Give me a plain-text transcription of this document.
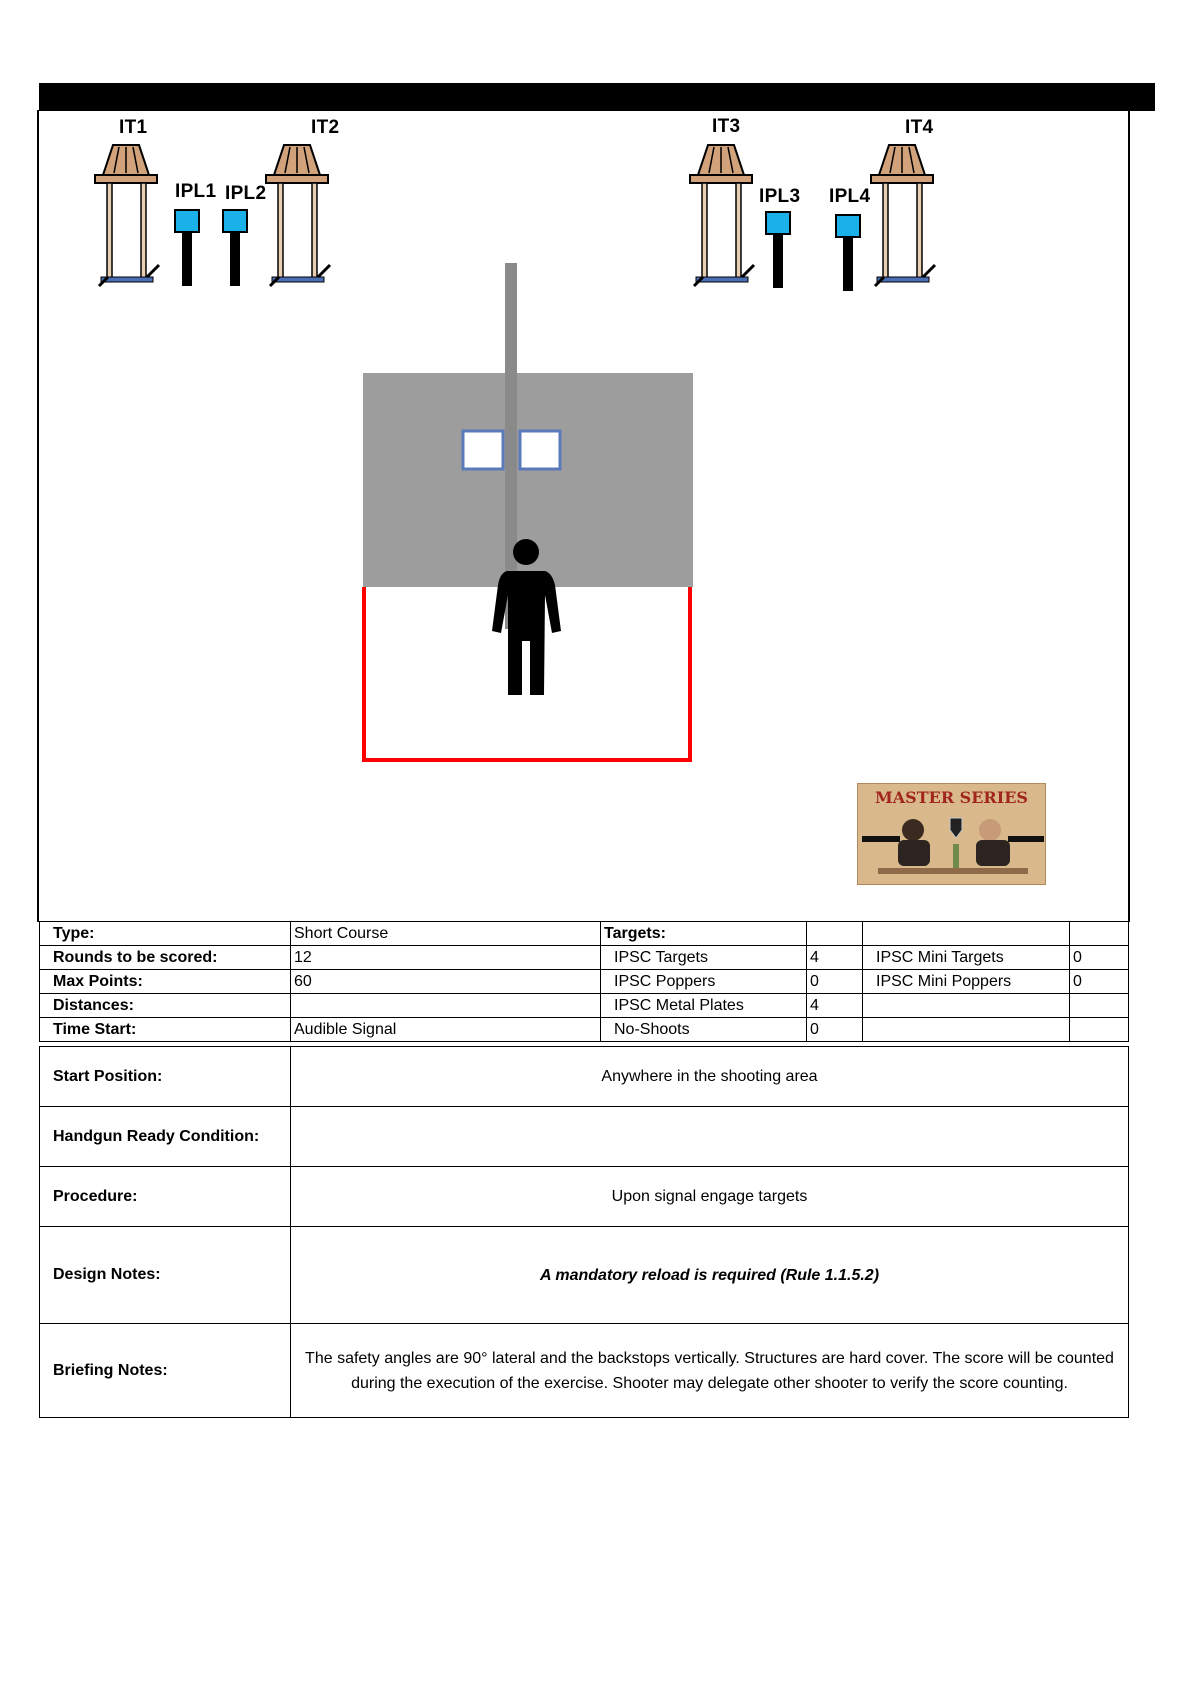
IT1	IT2	IT3	IT4
IPL1 IPL2	IPL3 IPL4
MASTER SERIES
Type:	Short Course	Targets:			
Rounds to be scored:	12	IPSC Targets	4	IPSC Mini Targets	0
Max Points:	60	IPSC Poppers	0	IPSC Mini Poppers	0
Distances:		IPSC Metal Plates	4		
Time Start:	Audible Signal	No-Shoots	0		
Start Position:	Anywhere in the shooting area
Handgun Ready Condition:	
Procedure:	Upon signal engage targets
Design Notes:	A mandatory reload is required (Rule 1.1.5.2)
Briefing Notes:	The safety angles are 90° lateral and the backstops vertically. Structures are hard cover. The score will be counted during the execution of the exercise. Shooter may delegate other shooter to verify the score counting.
